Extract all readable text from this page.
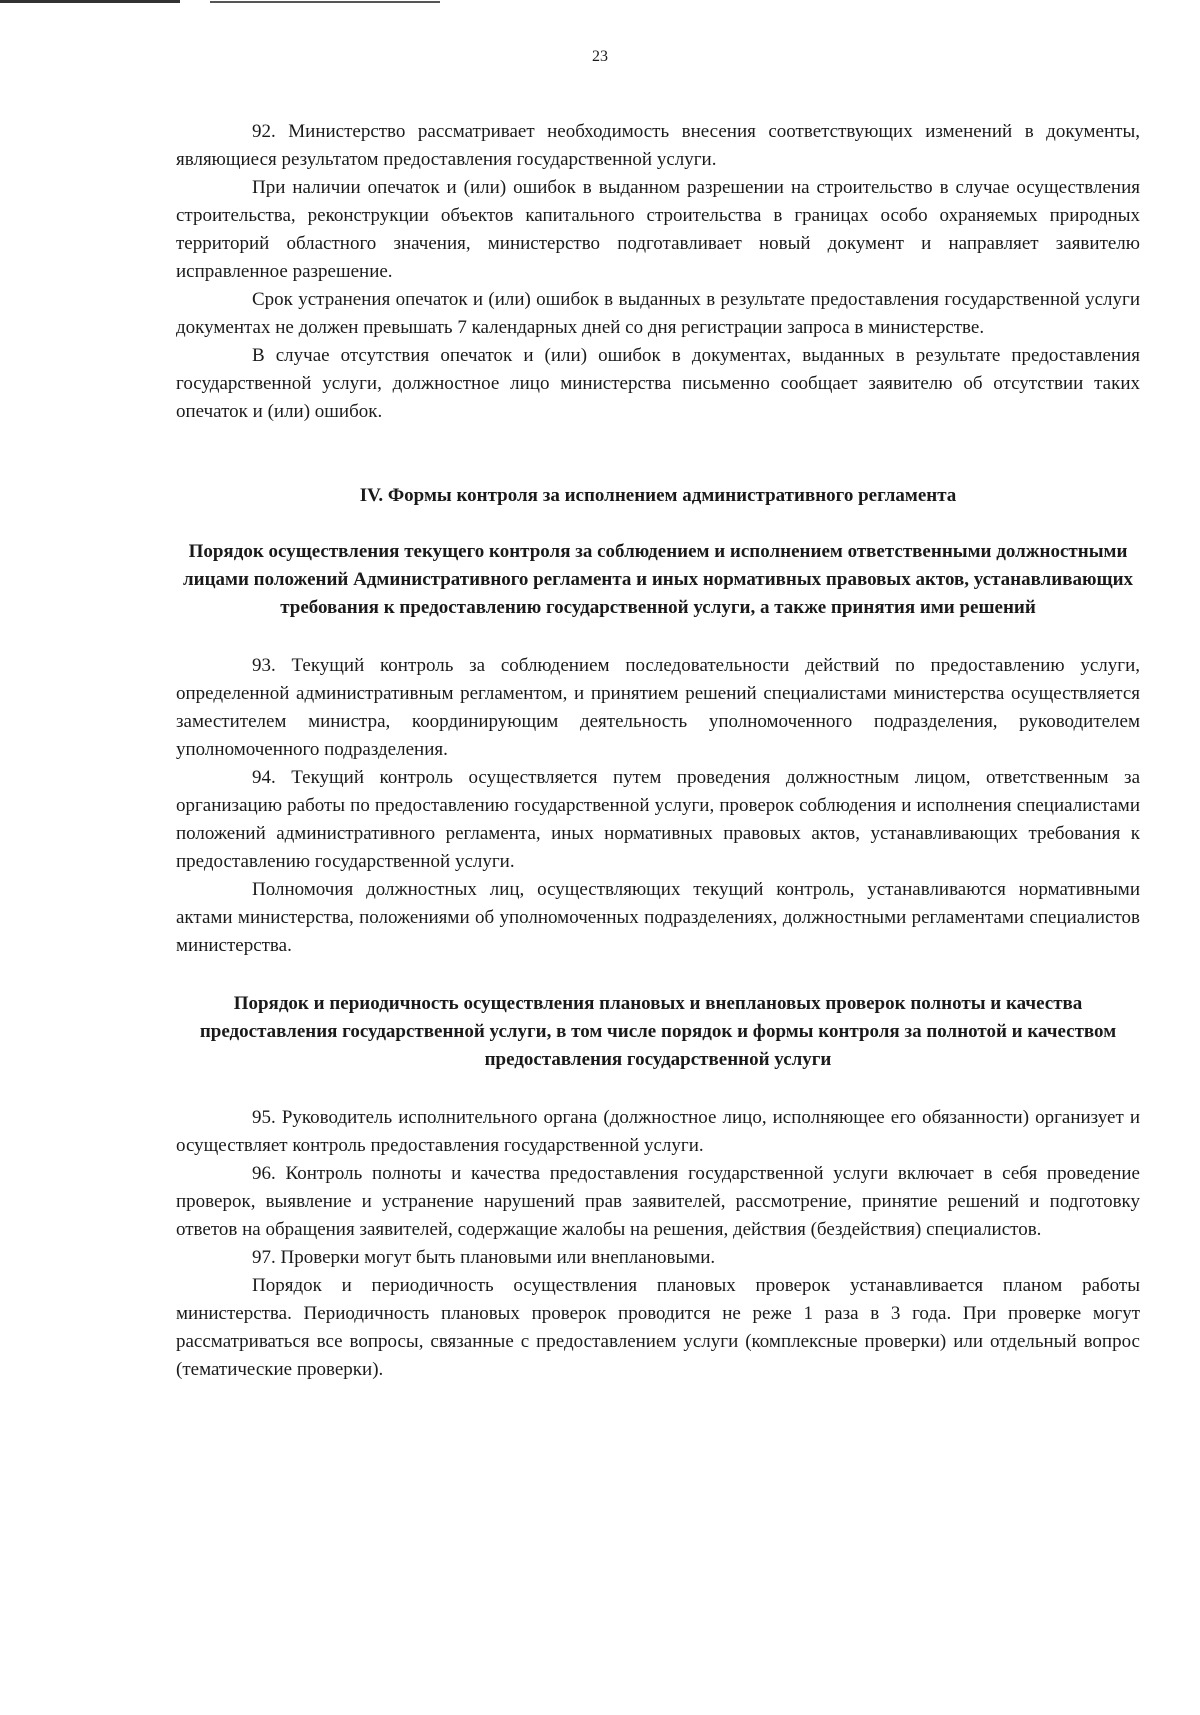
23

92. Министерство рассматривает необходимость внесения соответствующих изменений в документы, являющиеся результатом предоставления государственной услуги.

При наличии опечаток и (или) ошибок в выданном разрешении на строительство в случае осуществления строительства, реконструкции объектов капитального строительства в границах особо охраняемых природных территорий областного значения, министерство подготавливает новый документ и направляет заявителю исправленное разрешение.

Срок устранения опечаток и (или) ошибок в выданных в результате предоставления государственной услуги документах не должен превышать 7 календарных дней со дня регистрации запроса в министерстве.

В случае отсутствия опечаток и (или) ошибок в документах, выданных в результате предоставления государственной услуги, должностное лицо министерства письменно сообщает заявителю об отсутствии таких опечаток и (или) ошибок.

IV. Формы контроля за исполнением административного регламента
Порядок осуществления текущего контроля за соблюдением и исполнением ответственными должностными лицами положений Административного регламента и иных нормативных правовых актов, устанавливающих требования к предоставлению государственной услуги, а также принятия ими решений

93. Текущий контроль за соблюдением последовательности действий по предоставлению услуги, определенной административным регламентом, и принятием решений специалистами министерства осуществляется заместителем министра, координирующим деятельность уполномоченного подразделения, руководителем уполномоченного подразделения.

94. Текущий контроль осуществляется путем проведения должностным лицом, ответственным за организацию работы по предоставлению государственной услуги, проверок соблюдения и исполнения специалистами положений административного регламента, иных нормативных правовых актов, устанавливающих требования к предоставлению государственной услуги.

Полномочия должностных лиц, осуществляющих текущий контроль, устанавливаются нормативными актами министерства, положениями об уполномоченных подразделениях, должностными регламентами специалистов министерства.

Порядок и периодичность осуществления плановых и внеплановых проверок полноты и качества предоставления государственной услуги, в том числе порядок и формы контроля за полнотой и качеством предоставления государственной услуги

95. Руководитель исполнительного органа (должностное лицо, исполняющее его обязанности) организует и осуществляет контроль предоставления государственной услуги.

96. Контроль полноты и качества предоставления государственной услуги включает в себя проведение проверок, выявление и устранение нарушений прав заявителей, рассмотрение, принятие решений и подготовку ответов на обращения заявителей, содержащие жалобы на решения, действия (бездействия) специалистов.

97. Проверки могут быть плановыми или внеплановыми.

Порядок и периодичность осуществления плановых проверок устанавливается планом работы министерства. Периодичность плановых проверок проводится не реже 1 раза в 3 года. При проверке могут рассматриваться все вопросы, связанные с предоставлением услуги (комплексные проверки) или отдельный вопрос (тематические проверки).
